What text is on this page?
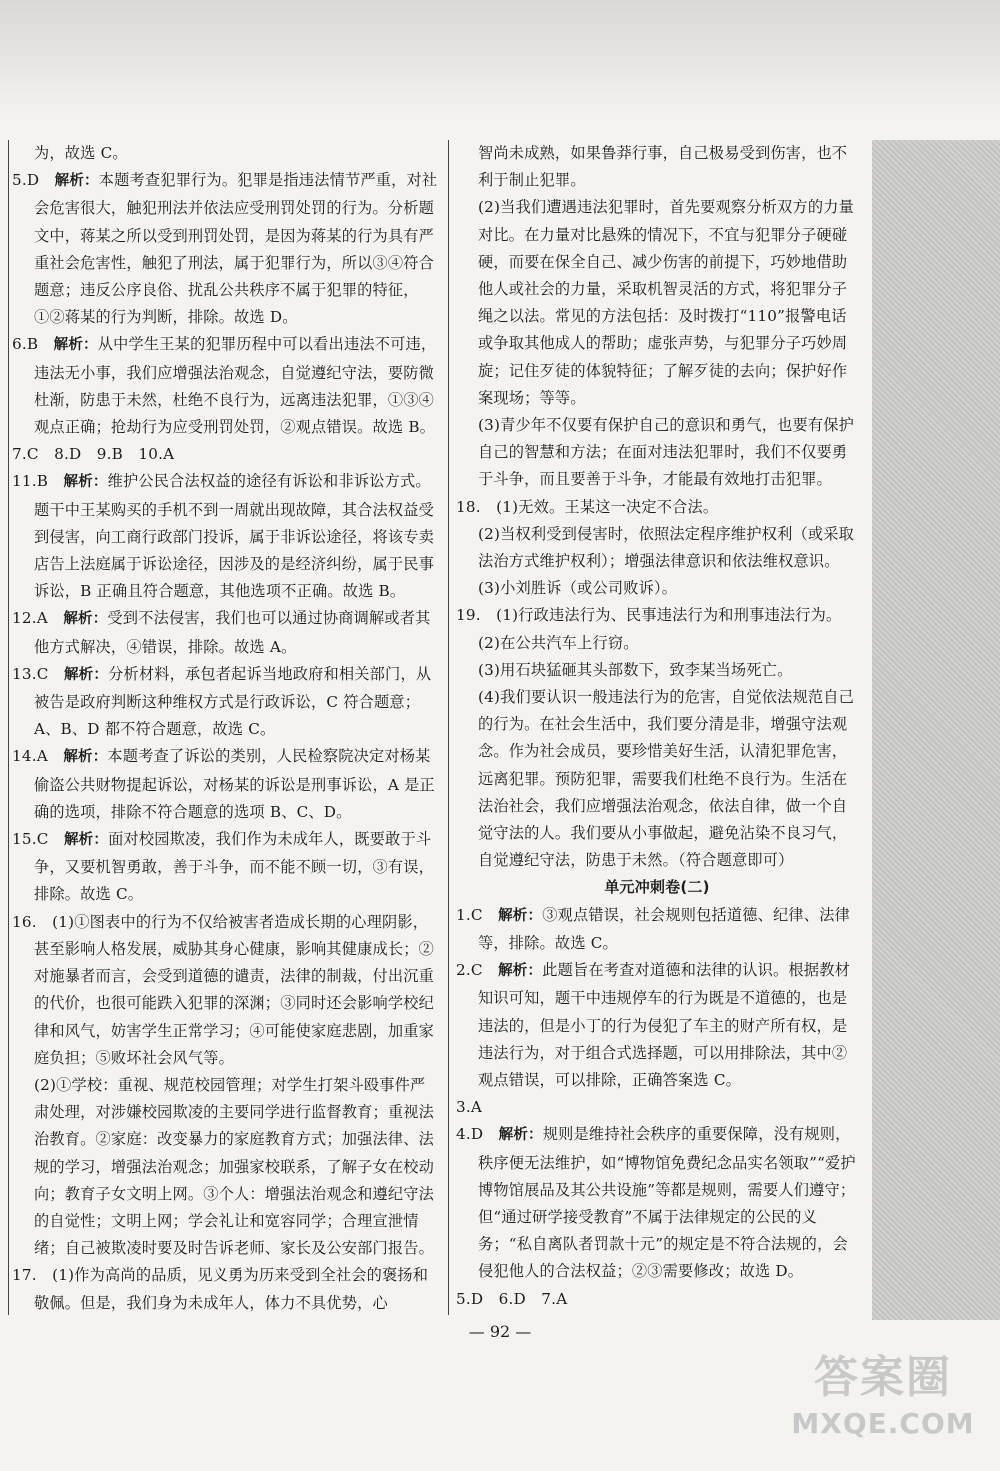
为，故选 C。

5.D　解析：本题考查犯罪行为。犯罪是指违法情节严重，对社会危害很大，触犯刑法并依法应受刑罚处罚的行为。分析题文中，蒋某之所以受到刑罚处罚，是因为蒋某的行为具有严重社会危害性，触犯了刑法，属于犯罪行为，所以③④符合题意；违反公序良俗、扰乱公共秩序不属于犯罪的特征，①②蒋某的行为判断，排除。故选 D。

6.B　解析：从中学生王某的犯罪历程中可以看出违法不可违，违法无小事，我们应增强法治观念，自觉遵纪守法，要防微杜渐，防患于未然，杜绝不良行为，远离违法犯罪，①③④观点正确；抢劫行为应受刑罚处罚，②观点错误。故选 B。

7.C　8.D　9.B　10.A

11.B　解析：维护公民合法权益的途径有诉讼和非诉讼方式。题干中王某购买的手机不到一周就出现故障，其合法权益受到侵害，向工商行政部门投诉，属于非诉讼途径，将该专卖店告上法庭属于诉讼途径，因涉及的是经济纠纷，属于民事诉讼，B 正确且符合题意，其他选项不正确。故选 B。

12.A　解析：受到不法侵害，我们也可以通过协商调解或者其他方式解决，④错误，排除。故选 A。

13.C　解析：分析材料，承包者起诉当地政府和相关部门，从被告是政府判断这种维权方式是行政诉讼，C 符合题意；A、B、D 都不符合题意，故选 C。

14.A　解析：本题考查了诉讼的类别，人民检察院决定对杨某偷盗公共财物提起诉讼，对杨某的诉讼是刑事诉讼，A 是正确的选项，排除不符合题意的选项 B、C、D。

15.C　解析：面对校园欺凌，我们作为未成年人，既要敢于斗争，又要机智勇敢，善于斗争，而不能不顾一切，③有误，排除。故选 C。

16.　(1)①图表中的行为不仅给被害者造成长期的心理阴影，甚至影响人格发展，威胁其身心健康，影响其健康成长；②对施暴者而言，会受到道德的谴责，法律的制裁，付出沉重的代价，也很可能跌入犯罪的深渊；③同时还会影响学校纪律和风气，妨害学生正常学习；④可能使家庭悲剧，加重家庭负担；⑤败坏社会风气等。

(2)①学校：重视、规范校园管理；对学生打架斗殴事件严肃处理，对涉嫌校园欺凌的主要同学进行监督教育；重视法治教育。②家庭：改变暴力的家庭教育方式；加强法律、法规的学习，增强法治观念；加强家校联系，了解子女在校动向；教育子女文明上网。③个人：增强法治观念和遵纪守法的自觉性；文明上网；学会礼让和宽容同学；合理宣泄情绪；自己被欺凌时要及时告诉老师、家长及公安部门报告。

17.　(1)作为高尚的品质，见义勇为历来受到全社会的褒扬和敬佩。但是，我们身为未成年人，体力不具优势，心

智尚未成熟，如果鲁莽行事，自己极易受到伤害，也不利于制止犯罪。

(2)当我们遭遇违法犯罪时，首先要观察分析双方的力量对比。在力量对比悬殊的情况下，不宜与犯罪分子硬碰硬，而要在保全自己、减少伤害的前提下，巧妙地借助他人或社会的力量，采取机智灵活的方式，将犯罪分子绳之以法。常见的方法包括：及时拨打“110”报警电话或争取其他成人的帮助；虚张声势，与犯罪分子巧妙周旋；记住歹徒的体貌特征；了解歹徒的去向；保护好作案现场；等等。

(3)青少年不仅要有保护自己的意识和勇气，也要有保护自己的智慧和方法；在面对违法犯罪时，我们不仅要勇于斗争，而且要善于斗争，才能最有效地打击犯罪。

18.　(1)无效。王某这一决定不合法。

(2)当权利受到侵害时，依照法定程序维护权利（或采取法治方式维护权利）；增强法律意识和依法维权意识。

(3)小刘胜诉（或公司败诉）。

19.　(1)行政违法行为、民事违法行为和刑事违法行为。

(2)在公共汽车上行窃。

(3)用石块猛砸其头部数下，致李某当场死亡。

(4)我们要认识一般违法行为的危害，自觉依法规范自己的行为。在社会生活中，我们要分清是非，增强守法观念。作为社会成员，要珍惜美好生活，认清犯罪危害，远离犯罪。预防犯罪，需要我们杜绝不良行为。生活在法治社会，我们应增强法治观念，依法自律，做一个自觉守法的人。我们要从小事做起，避免沾染不良习气，自觉遵纪守法，防患于未然。（符合题意即可）

单元冲刺卷(二)

1.C　解析：③观点错误，社会规则包括道德、纪律、法律等，排除。故选 C。

2.C　解析：此题旨在考查对道德和法律的认识。根据教材知识可知，题干中违规停车的行为既是不道德的，也是违法的，但是小丁的行为侵犯了车主的财产所有权，是违法行为，对于组合式选择题，可以用排除法，其中②观点错误，可以排除，正确答案选 C。

3.A

4.D　解析：规则是维持社会秩序的重要保障，没有规则，秩序便无法维护，如“博物馆免费纪念品实名领取”“爱护博物馆展品及其公共设施”等都是规则，需要人们遵守；但“通过研学接受教育”不属于法律规定的公民的义务；“私自离队者罚款十元”的规定是不符合法规的，会侵犯他人的合法权益；②③需要修改；故选 D。

5.D　6.D　7.A

— 92 —
答案圈
MXQE.COM
